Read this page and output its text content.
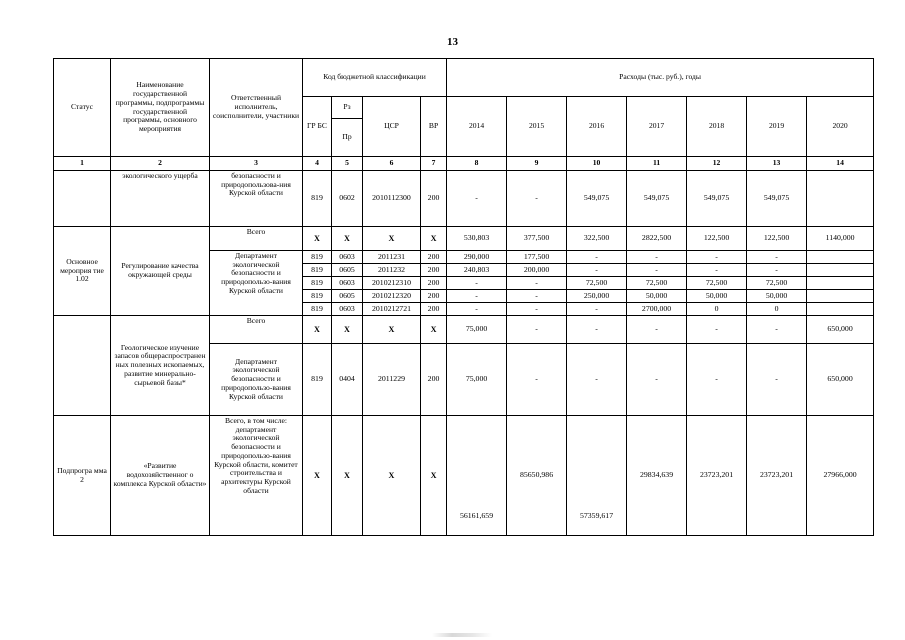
13
Статус	Наименование государственной программы, подпрограммы государственной программы, основного мероприятия	Ответственный исполнитель, соисполнители, участники	Код бюджетной классификации				Расходы (тыс. руб.), годы						
			ГР БС	Рз	ЦСР	ВР	2014	2015	2016	2017	2018	2019	2020
				Пр									
1	2	3	4	5	6	7	8	9	10	11	12	13	14
	экологического ущерба	безопасности и природопользова-ния Курской области	819	0602	2010112300	200	-	-	549,075	549,075	549,075	549,075	
Основное мероприя тие 1.02	Регулирование качества окружающей среды	Всего	X	X	X	X	530,803	377,500	322,500	2822,500	122,500	122,500	1140,000
		Департамент экологической безопасности и природопользо-вания Курской области	819	0603	2011231	200	290,000	177,500	-	-	-	-	
			819	0605	2011232	200	240,803	200,000	-	-	-	-	
			819	0603	2010212310	200	-	-	72,500	72,500	72,500	72,500	
			819	0605	2010212320	200	-	-	250,000	50,000	50,000	50,000	
			819	0603	2010212721	200	-	-	-	2700,000	0	0	
	Геологическое изучение запасов общераспространен ных полезных ископаемых, развитие минерально-сырьевой базы*	Всего	X	X	X	X	75,000	-	-	-	-	-	650,000
		Департамент экологической безопасности и природопользо-вания Курской области	819	0404	2011229	200	75,000	-	-	-	-	-	650,000
Подпрогра мма 2	«Развитие водохозяйственног о комплекса Курской области»	Всего, в том числе: департамент экологической безопасности и природопользо-вания Курской области, комитет строительства и архитектуры Курской области	X	X	X	X	56161,659	85650,986	57359,617	29834,639	23723,201	23723,201	27966,000
